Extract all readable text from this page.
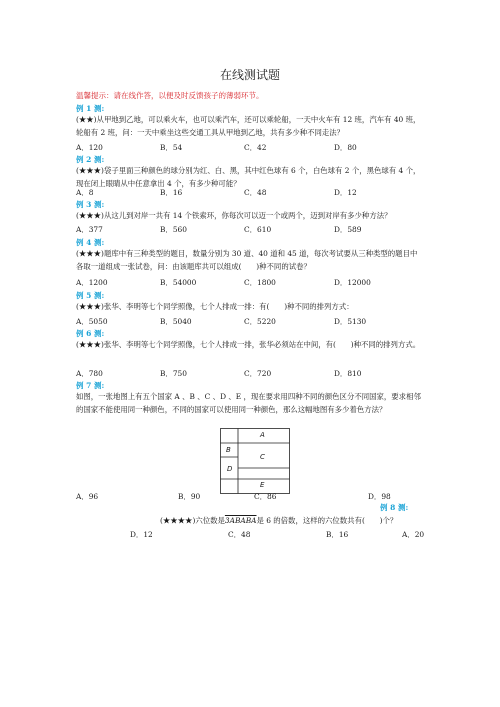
在线测试题
温馨提示：请在线作答，以便及时反馈孩子的薄弱环节。
例 1 测:
(★★)从甲地到乙地，可以乘火车，也可以乘汽车，还可以乘轮船，一天中火车有 12 班，汽车有 40 班，轮船有 2 班，问：一天中乘坐这些交通工具从甲地到乙地，共有多少种不同走法？
A．120	B．54	C．42	D．80
例 2 测:
(★★★)袋子里面三种颜色的球分别为红、白、黑，其中红色球有 6 个，白色球有 2 个，黑色球有 4 个，现在闭上眼睛从中任意拿出 4 个，有多少种可能？
A．8	B．16	C．48	D．12
例 3 测:
(★★★)从这儿到对岸一共有 14 个铁索环，你每次可以迈一个或两个，迈到对岸有多少种方法？
A．377	B．560	C．610	D．589
例 4 测:
(★★★)题库中有三种类型的题目，数量分别为 30 道、40 道和 45 道，每次考试要从三种类型的题目中各取一道组成一张试卷，问：由该题库共可以组成(　　)种不同的试卷？
A．1200	B．54000	C．1800	D．12000
例 5 测:
(★★★)张华、李明等七个同学照像，七个人排成一排：有(　　)种不同的排列方式：
A．5050	B．5040	C．5220	D．5130
例 6 测:
(★★★)张华、李明等七个同学照像，七个人排成一排，张华必须站在中间，有(　　)种不同的排列方式。
A．780	B．750	C．720	D．810
例 7 测:
如图，一张地图上有五个国家 A 、B 、C 、D 、E ，现在要求用四种不同的颜色区分不同国家，要求相邻的国家不能使用同一种颜色，不同的国家可以使用同一种颜色，那么这幅地图有多少着色方法？
A
B
C
D
E
A．96	B．90	C．86	D．98
例 8 测:
(★★★★)六位数是3ABABA是 6 的倍数，这样的六位数共有(　　)个？
D．12	C．48	B．16	A．20
